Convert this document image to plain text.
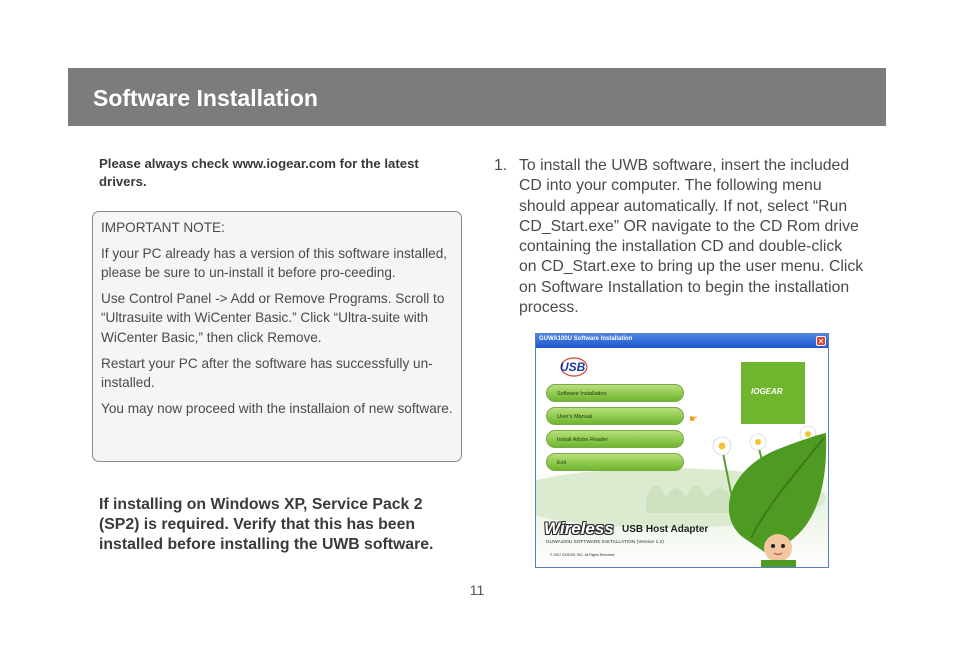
Software Installation
Please always check www.iogear.com for the latest drivers.

IMPORTANT NOTE:

If your PC already has a version of this software installed, please be sure to un-install it before pro-ceeding.

Use Control Panel -> Add or Remove Programs. Scroll to “Ultrasuite with WiCenter Basic.” Click “Ultra-suite with WiCenter Basic,” then click Remove.

Restart your PC after the software has successfully un-installed.

You may now proceed with the installaion of new software.

If installing on Windows XP, Service Pack 2 (SP2) is required. Verify that this has been installed before installing the UWB software.
1. To install the UWB software, insert the included CD into your computer. The following menu should appear automatically. If not, select “Run CD_Start.exe” OR navigate to the CD Rom drive containing the installation CD and double-click on CD_Start.exe to bring up the user menu. Click on Software Installation to begin the installation process.
GUWA100U Software Installation	✕
USB
IOGEAR
Software Installation
User's Manual
Install Adobe Reader
Exit
☛
Wireless USB Host Adapter
GUWA100U SOFTWARE INSTALLATION (Version 1.2)
© 2007 IOGEAR, INC. All Rights Reserved.
11
